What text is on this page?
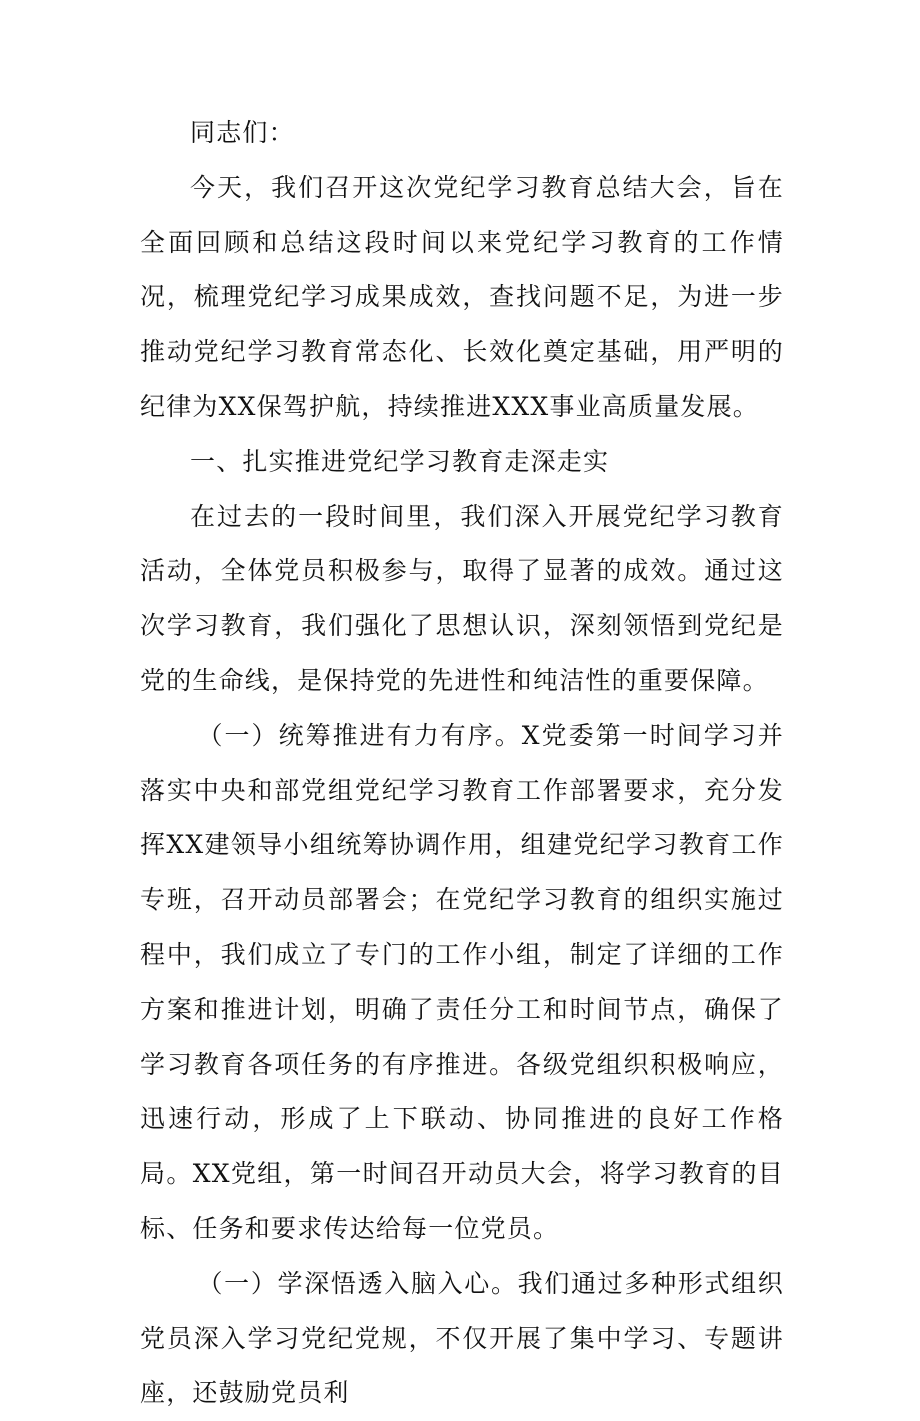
同志们：

今天，我们召开这次党纪学习教育总结大会，旨在全面回顾和总结这段时间以来党纪学习教育的工作情况，梳理党纪学习成果成效，查找问题不足，为进一步推动党纪学习教育常态化、长效化奠定基础，用严明的纪律为XX保驾护航，持续推进XXX事业高质量发展。

一、扎实推进党纪学习教育走深走实

在过去的一段时间里，我们深入开展党纪学习教育活动，全体党员积极参与，取得了显著的成效。通过这次学习教育，我们强化了思想认识，深刻领悟到党纪是党的生命线，是保持党的先进性和纯洁性的重要保障。

（一）统筹推进有力有序。X党委第一时间学习并落实中央和部党组党纪学习教育工作部署要求，充分发挥XX建领导小组统筹协调作用，组建党纪学习教育工作专班，召开动员部署会；在党纪学习教育的组织实施过程中，我们成立了专门的工作小组，制定了详细的工作方案和推进计划，明确了责任分工和时间节点，确保了学习教育各项任务的有序推进。各级党组织积极响应，迅速行动，形成了上下联动、协同推进的良好工作格局。XX党组，第一时间召开动员大会，将学习教育的目标、任务和要求传达给每一位党员。

（一）学深悟透入脑入心。我们通过多种形式组织党员深入学习党纪党规，不仅开展了集中学习、专题讲座，还鼓励党员利
